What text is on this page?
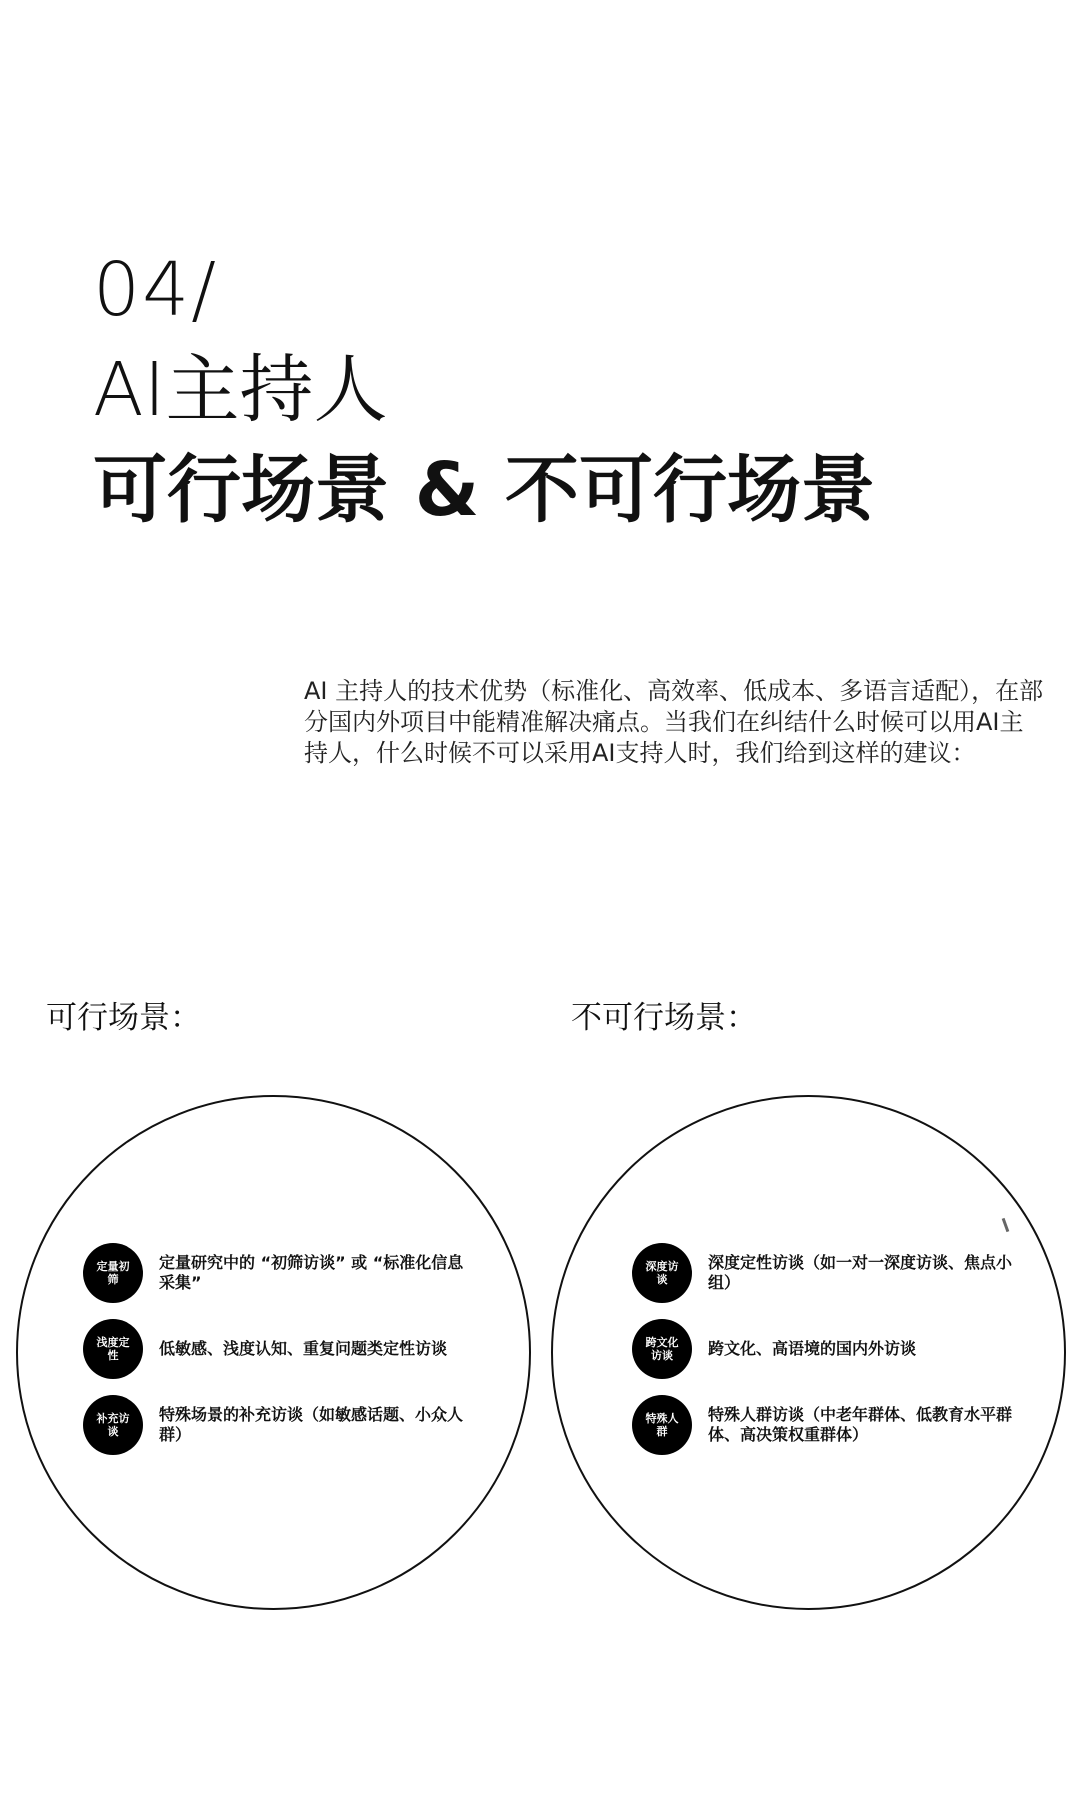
04/
AI主持人
可行场景 & 不可行场景

AI 主持人的技术优势（标准化、高效率、低成本、多语言适配），在部分国内外项目中能精准解决痛点。当我们在纠结什么时候可以用AI主持人，什么时候不可以采用AI支持人时，我们给到这样的建议：

可行场景：	不可行场景：
定量初筛
定量研究中的 “初筛访谈” 或 “标准化信息采集”
浅度定性	低敏感、浅度认知、重复问题类定性访谈
补充访谈
特殊场景的补充访谈（如敏感话题、小众人群）
深度访谈
深度定性访谈（如一对一深度访谈、焦点小组）
跨文化访谈	跨文化、高语境的国内外访谈
特殊人群
特殊人群访谈（中老年群体、低教育水平群体、高决策权重群体）
